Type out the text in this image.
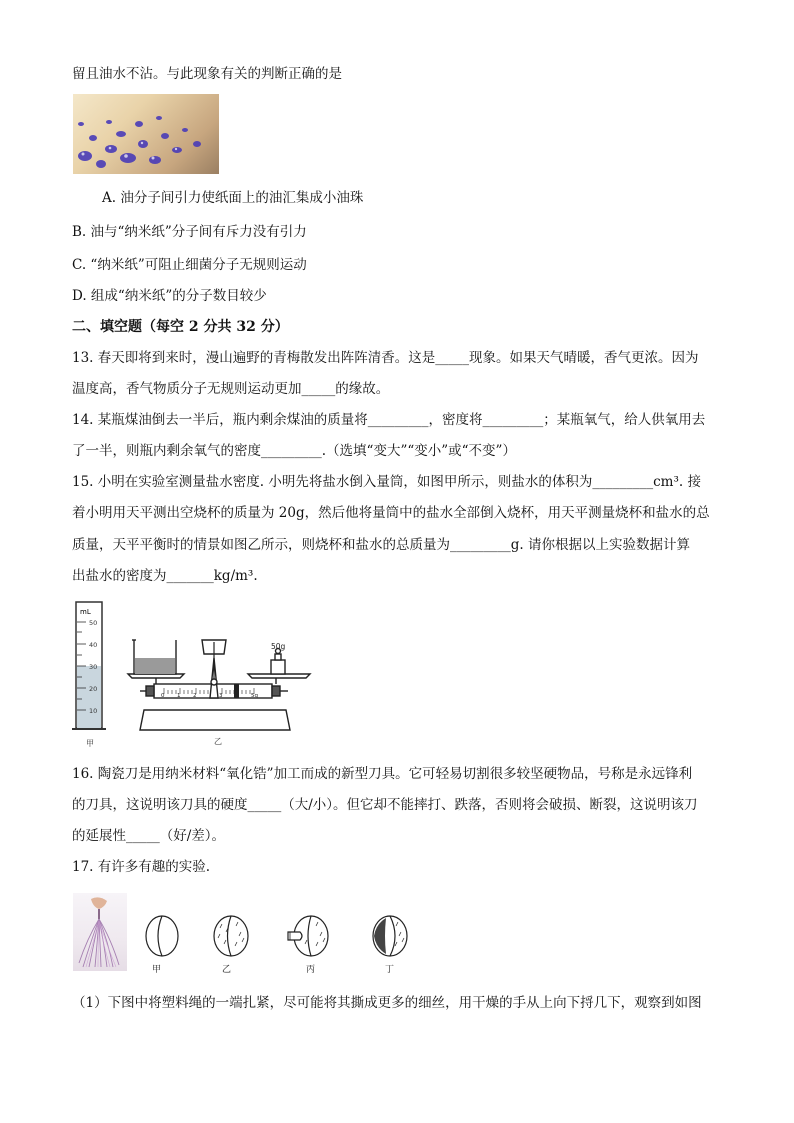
留且油水不沾。与此现象有关的判断正确的是
A. 油分子间引力使纸面上的油汇集成小油珠
B. 油与“纳米纸”分子间有斥力没有引力
C. “纳米纸”可阻止细菌分子无规则运动
D. 组成“纳米纸”的分子数目较少
二、填空题（每空 2 分共 32 分）
13. 春天即将到来时，漫山遍野的青梅散发出阵阵清香。这是_____现象。如果天气晴暖，香气更浓。因为
温度高，香气物质分子无规则运动更加_____的缘故。
14. 某瓶煤油倒去一半后，瓶内剩余煤油的质量将_________，密度将_________；某瓶氧气，给人供氧用去
了一半，则瓶内剩余氧气的密度_________.（选填“变大”“变小”或“不变”）
15. 小明在实验室测量盐水密度. 小明先将盐水倒入量筒，如图甲所示，则盐水的体积为_________cm³. 接
着小明用天平测出空烧杯的质量为 20g，然后他将量筒中的盐水全部倒入烧杯，用天平测量烧杯和盐水的总
质量，天平平衡时的情景如图乙所示，则烧杯和盐水的总质量为_________g. 请你根据以上实验数据计算
出盐水的密度为_______kg/m³.
mL
50
40
30
20
10
甲
0 1 2	3 4 5g
50g
乙
16. 陶瓷刀是用纳米材料“氧化锆”加工而成的新型刀具。它可轻易切割很多较坚硬物品，号称是永远锋利
的刀具，这说明该刀具的硬度_____（大/小）。但它却不能摔打、跌落，否则将会破损、断裂，这说明该刀
的延展性_____（好/差）。
17. 有许多有趣的实验.
甲	乙	丙	丁
（1）下图中将塑料绳的一端扎紧，尽可能将其撕成更多的细丝，用干燥的手从上向下捋几下，观察到如图
